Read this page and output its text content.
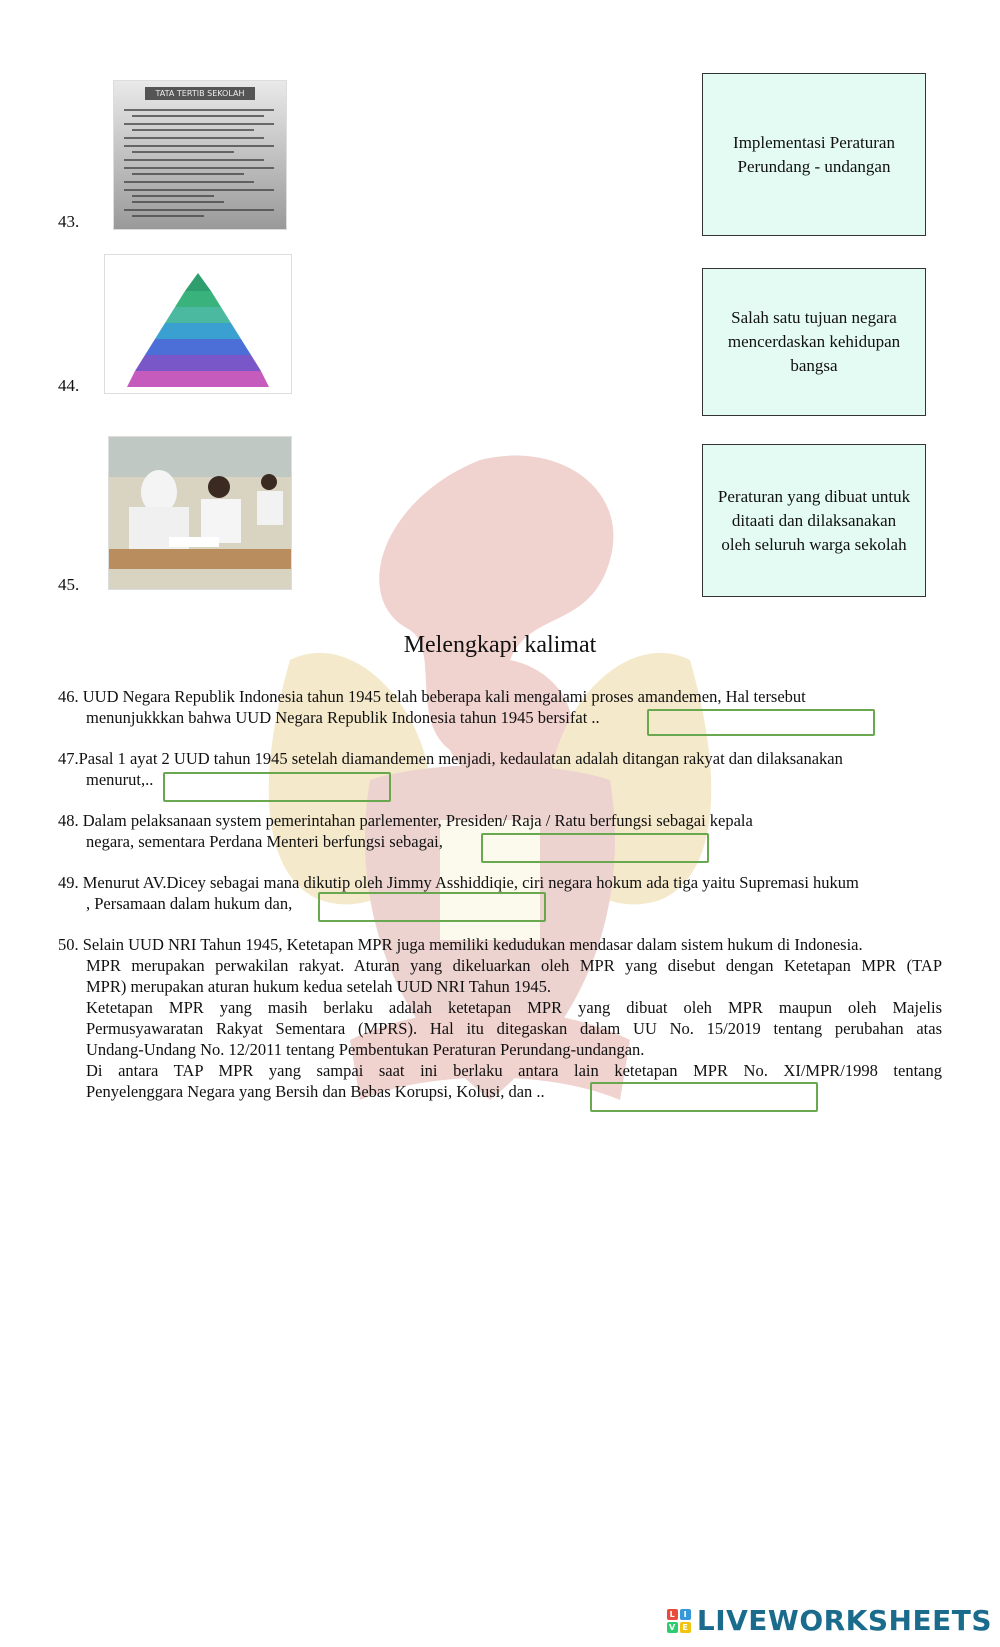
43.
TATA TERTIB SEKOLAH
44.
45.
Implementasi Peraturan Perundang - undangan
Salah satu tujuan negara mencerdaskan kehidupan bangsa
Peraturan yang dibuat untuk ditaati dan dilaksanakan oleh seluruh warga sekolah
Melengkapi kalimat
46. UUD Negara Republik Indonesia tahun 1945 telah beberapa kali mengalami proses amandemen, Hal tersebut
menunjukkkan bahwa UUD Negara Republik Indonesia tahun 1945 bersifat ..
47.Pasal 1 ayat 2 UUD tahun 1945 setelah diamandemen menjadi, kedaulatan adalah ditangan rakyat dan dilaksanakan
menurut,..
48. Dalam pelaksanaan system pemerintahan parlementer, Presiden/ Raja / Ratu berfungsi sebagai kepala
negara, sementara Perdana Menteri berfungsi sebagai,
49. Menurut AV.Dicey sebagai mana dikutip oleh Jimmy Asshiddiqie, ciri negara hokum ada tiga yaitu Supremasi hukum
, Persamaan dalam hukum dan,
50. Selain UUD NRI Tahun 1945, Ketetapan MPR juga memiliki kedudukan mendasar dalam sistem hukum di Indonesia.
MPR merupakan perwakilan rakyat. Aturan yang dikeluarkan oleh MPR yang disebut dengan Ketetapan MPR (TAP
MPR) merupakan aturan hukum kedua setelah UUD NRI Tahun 1945.
Ketetapan MPR yang masih berlaku adalah ketetapan MPR yang dibuat oleh MPR maupun oleh Majelis
Permusyawaratan Rakyat Sementara (MPRS). Hal itu ditegaskan dalam UU No. 15/2019 tentang perubahan atas
Undang-Undang No. 12/2011 tentang Pembentukan Peraturan Perundang-undangan.
Di antara TAP MPR yang sampai saat ini berlaku antara lain ketetapan MPR No. XI/MPR/1998 tentang
Penyelenggara Negara yang Bersih dan Bebas Korupsi, Kolusi, dan ..
L	I
V E LIVEWORKSHEETS
